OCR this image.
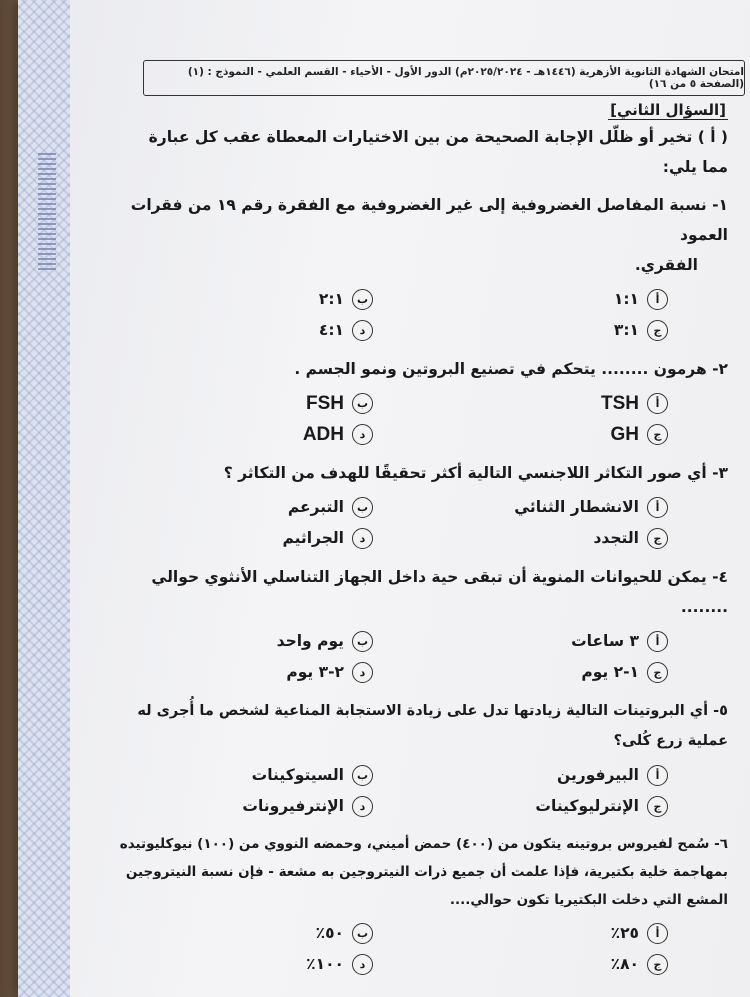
امتحان الشهادة الثانوية الأزهرية (١٤٤٦هـ - ٢٠٢٥/٢٠٢٤م) الدور الأول - الأحياء - القسم العلمي - النموذج : (١) (الصفحة ٥ من ١٦)
[السؤال الثاني]

( أ ) تخير أو ظلّل الإجابة الصحيحة من بين الاختيارات المعطاة عقب كل عبارة مما يلي:

١- نسبة المفاصل الغضروفية إلى غير الغضروفية مع الفقرة رقم ١٩ من فقرات العمود

الفقري.

أ
١:١
ب
٢:١
ج
٣:١
د
٤:١

٢- هرمون ........ يتحكم في تصنيع البروتين ونمو الجسم .

أ
TSH
ب
FSH
ج
GH
د
ADH

٣- أي صور التكاثر اللاجنسي التالية أكثر تحقيقًا للهدف من التكاثر ؟

أ
الانشطار الثنائي
ب
التبرعم
ج
التجدد
د
الجراثيم

٤- يمكن للحيوانات المنوية أن تبقى حية داخل الجهاز التناسلي الأنثوي حوالي ........

أ
٣ ساعات
ب
يوم واحد
ج
١-٢ يوم
د
٢-٣ يوم

٥- أي البروتينات التالية زيادتها تدل على زيادة الاستجابة المناعية لشخص ما أُجرى له عملية زرع كُلى؟

أ
البيرفورين
ب
السيتوكينات
ج
الإنترليوكينات
د
الإنترفيرونات

٦- سُمح لفيروس بروتينه يتكون من (٤٠٠) حمض أميني، وحمضه النووي من (١٠٠) نيوكليوتيده

بمهاجمة خلية بكتيرية، فإذا علمت أن جميع ذرات النيتروجين به مشعة - فإن نسبة النيتروجين

المشع التي دخلت البكتيريا تكون حوالي....

أ
٢٥٪
ب
٥٠٪
ج
٨٠٪
د
١٠٠٪
